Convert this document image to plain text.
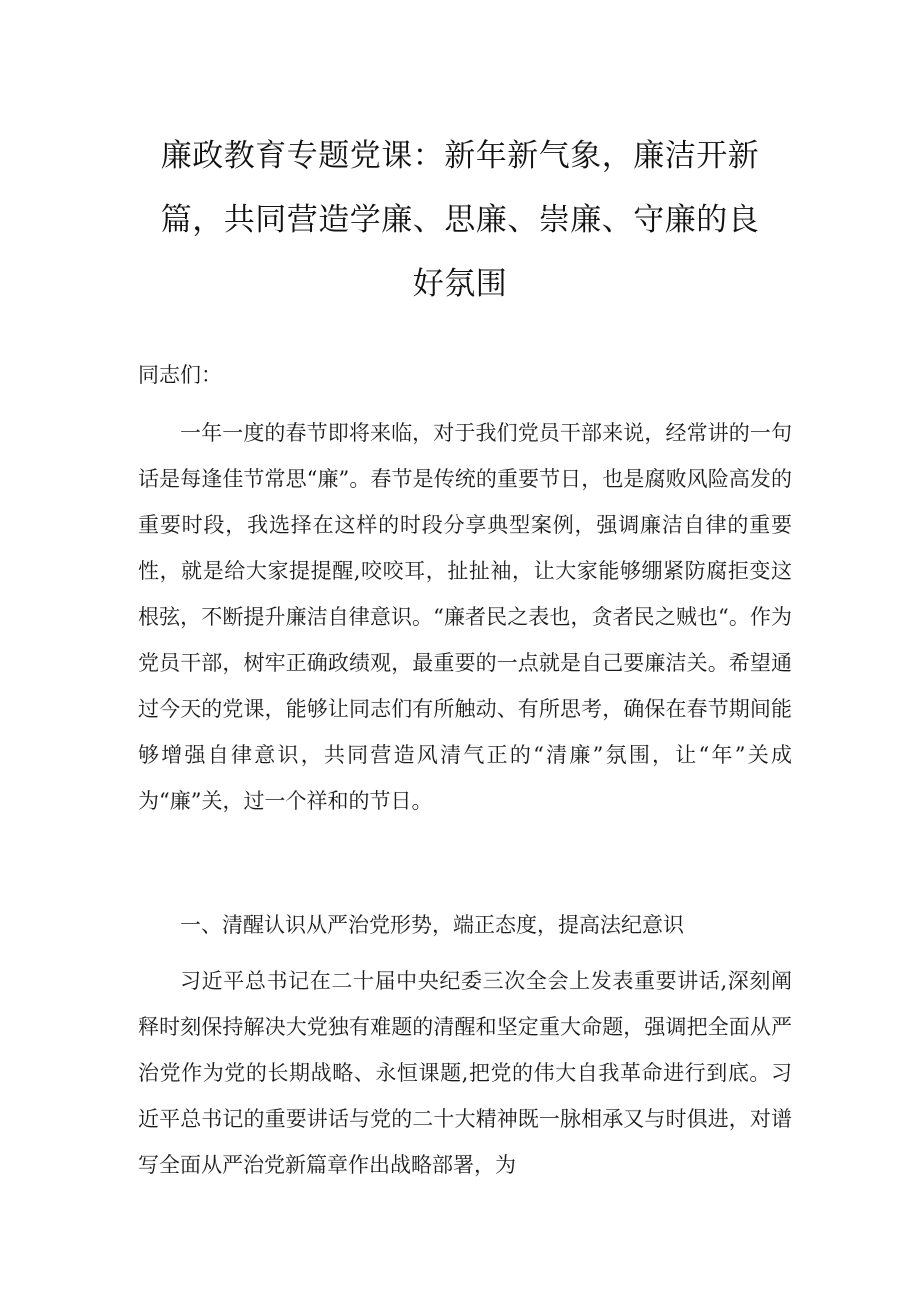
廉政教育专题党课：新年新气象，廉洁开新篇，共同营造学廉、思廉、崇廉、守廉的良好氛围

同志们：

一年一度的春节即将来临，对于我们党员干部来说，经常讲的一句话是每逢佳节常思“廉”。春节是传统的重要节日，也是腐败风险高发的重要时段，我选择在这样的时段分享典型案例，强调廉洁自律的重要性，就是给大家提提醒,咬咬耳，扯扯袖，让大家能够绷紧防腐拒变这根弦，不断提升廉洁自律意识。“廉者民之表也，贪者民之贼也“。作为党员干部，树牢正确政绩观，最重要的一点就是自己要廉洁关。希望通过今天的党课，能够让同志们有所触动、有所思考，确保在春节期间能够增强自律意识，共同营造风清气正的“清廉”氛围，让“年”关成为“廉”关，过一个祥和的节日。

一、清醒认识从严治党形势，端正态度，提高法纪意识

习近平总书记在二十届中央纪委三次全会上发表重要讲话,深刻阐释时刻保持解决大党独有难题的清醒和坚定重大命题，强调把全面从严治党作为党的长期战略、永恒课题,把党的伟大自我革命进行到底。习近平总书记的重要讲话与党的二十大精神既一脉相承又与时俱进，对谱写全面从严治党新篇章作出战略部署，为
